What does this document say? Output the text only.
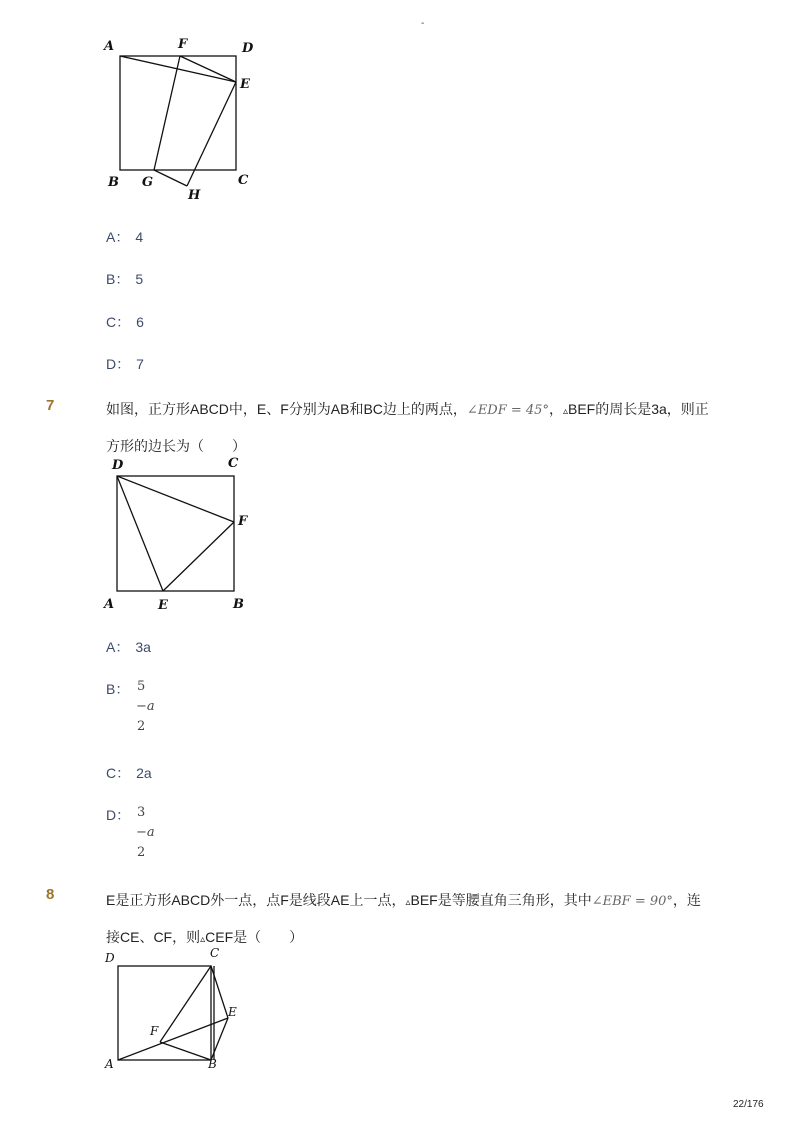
-
A	F	D
E
B G
H
C
A： 4
B： 5
C： 6
D： 7
7	如图，正方形ABCD中，E、F分别为AB和BC边上的两点，∠EDF = 45°，▵BEF的周长是3a，则正
方形的边长为（　　）
D	C
F
A	E	B
A： 3a
B： 5
−a
2
C： 2a
D： 3
−a
2
8	E是正方形ABCD外一点，点F是线段AE上一点，▵BEF是等腰直角三角形，其中∠EBF = 90°，连
接CE、CF，则▵CEF是（　　）
D	C
E
F
A	B
22/176
